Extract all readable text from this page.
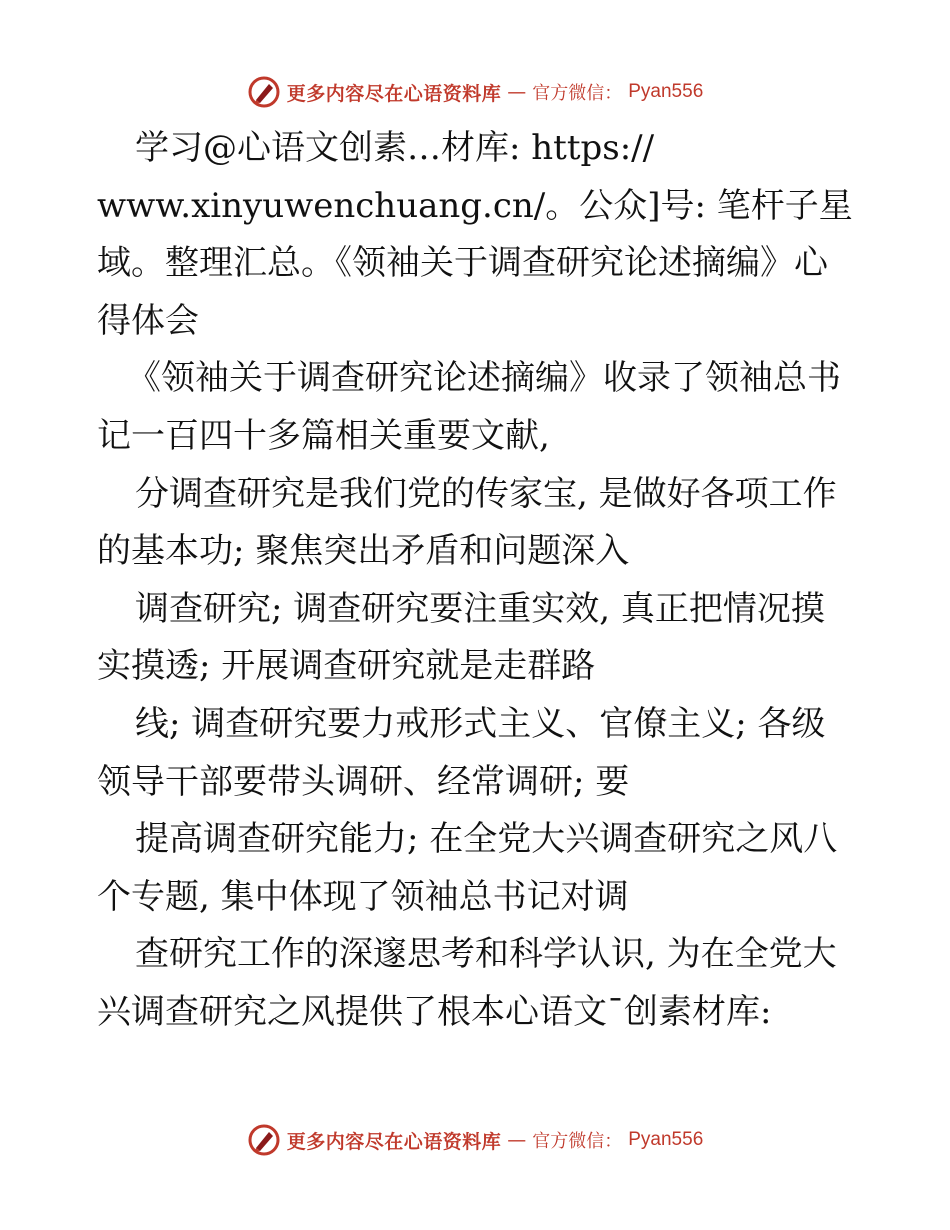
更多内容尽在心语资料库 — 官方微信： Pyan556
学习@心语文创素…材库: https://
www.xinyuwenchuang.cn/。公众]号: 笔杆子星
域。整理汇总。《领袖关于调查研究论述摘编》心
得体会
《领袖关于调查研究论述摘编》收录了领袖总书
记一百四十多篇相关重要文献,
分调查研究是我们党的传家宝, 是做好各项工作
的基本功; 聚焦突出矛盾和问题深入
调查研究; 调查研究要注重实效, 真正把情况摸
实摸透; 开展调查研究就是走群路
线; 调查研究要力戒形式主义、官僚主义; 各级
领导干部要带头调研、经常调研; 要
提高调查研究能力; 在全党大兴调查研究之风八
个专题, 集中体现了领袖总书记对调
查研究工作的深邃思考和科学认识, 为在全党大
兴调查研究之风提供了根本心语文¯创素材库:
更多内容尽在心语资料库 — 官方微信： Pyan556
